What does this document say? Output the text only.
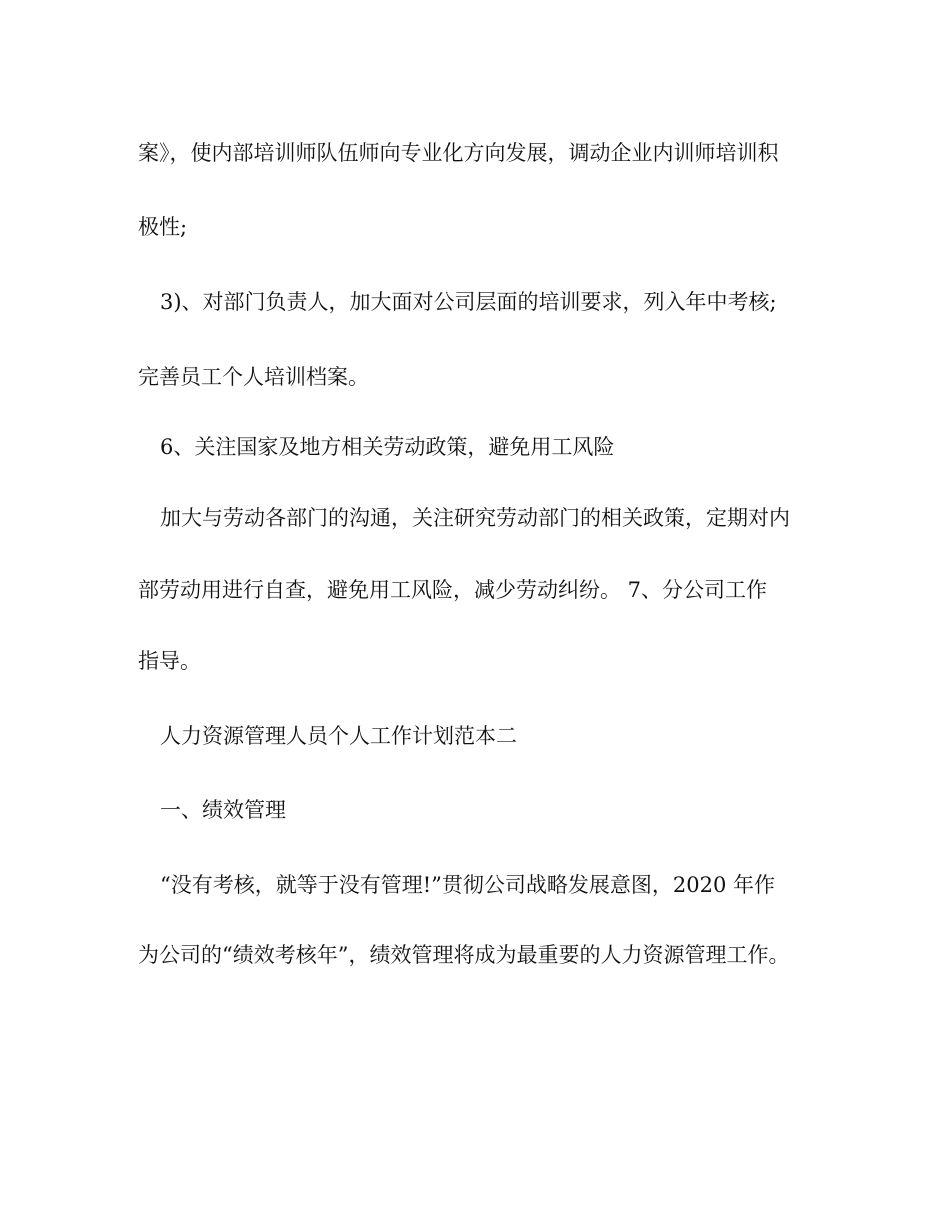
案》，使内部培训师队伍师向专业化方向发展，调动企业内训师培训积

极性;

3)、对部门负责人，加大面对公司层面的培训要求，列入年中考核;

完善员工个人培训档案。

6、关注国家及地方相关劳动政策，避免用工风险

加大与劳动各部门的沟通，关注研究劳动部门的相关政策，定期对内

部劳动用进行自查，避免用工风险，减少劳动纠纷。 7、分公司工作

指导。

人力资源管理人员个人工作计划范本二

一、绩效管理

“没有考核，就等于没有管理!”贯彻公司战略发展意图，2020 年作

为公司的“绩效考核年”，绩效管理将成为最重要的人力资源管理工作。
